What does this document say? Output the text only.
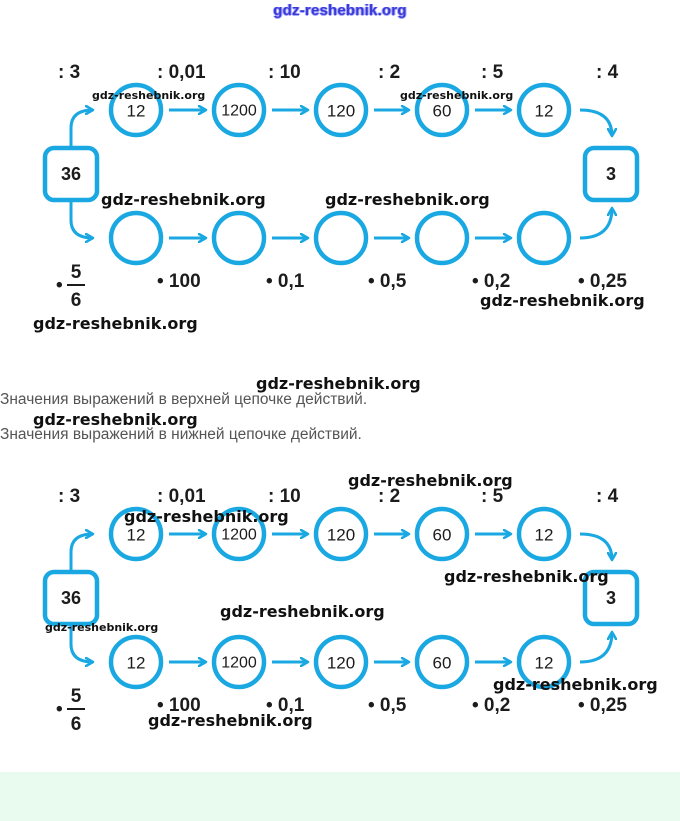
gdz-reshebnik.org
: 3	: 0,01	: 10	: 2	: 5	: 4
36	3
12	1200	120	60	12
• 100	• 0,1	• 0,5	• 0,2	• 0,25
•
5
6
: 3	: 0,01	: 10	: 2	: 5	: 4
36	3
12	1200	120	60	12
12	1200	120	60	12
• 100	• 0,1	• 0,5	• 0,2	• 0,25
•
5
6
gdz-reshebnik.org	gdz-reshebnik.org
gdz-reshebnik.org	gdz-reshebnik.org
gdz-reshebnik.org
gdz-reshebnik.org
gdz-reshebnik.org
gdz-reshebnik.org
gdz-reshebnik.org
gdz-reshebnik.org
gdz-reshebnik.org
gdz-reshebnik.org
gdz-reshebnik.org
gdz-reshebnik.org
gdz-reshebnik.org
Значения выражений в верхней цепочке действий.
Значения выражений в нижней цепочке действий.
